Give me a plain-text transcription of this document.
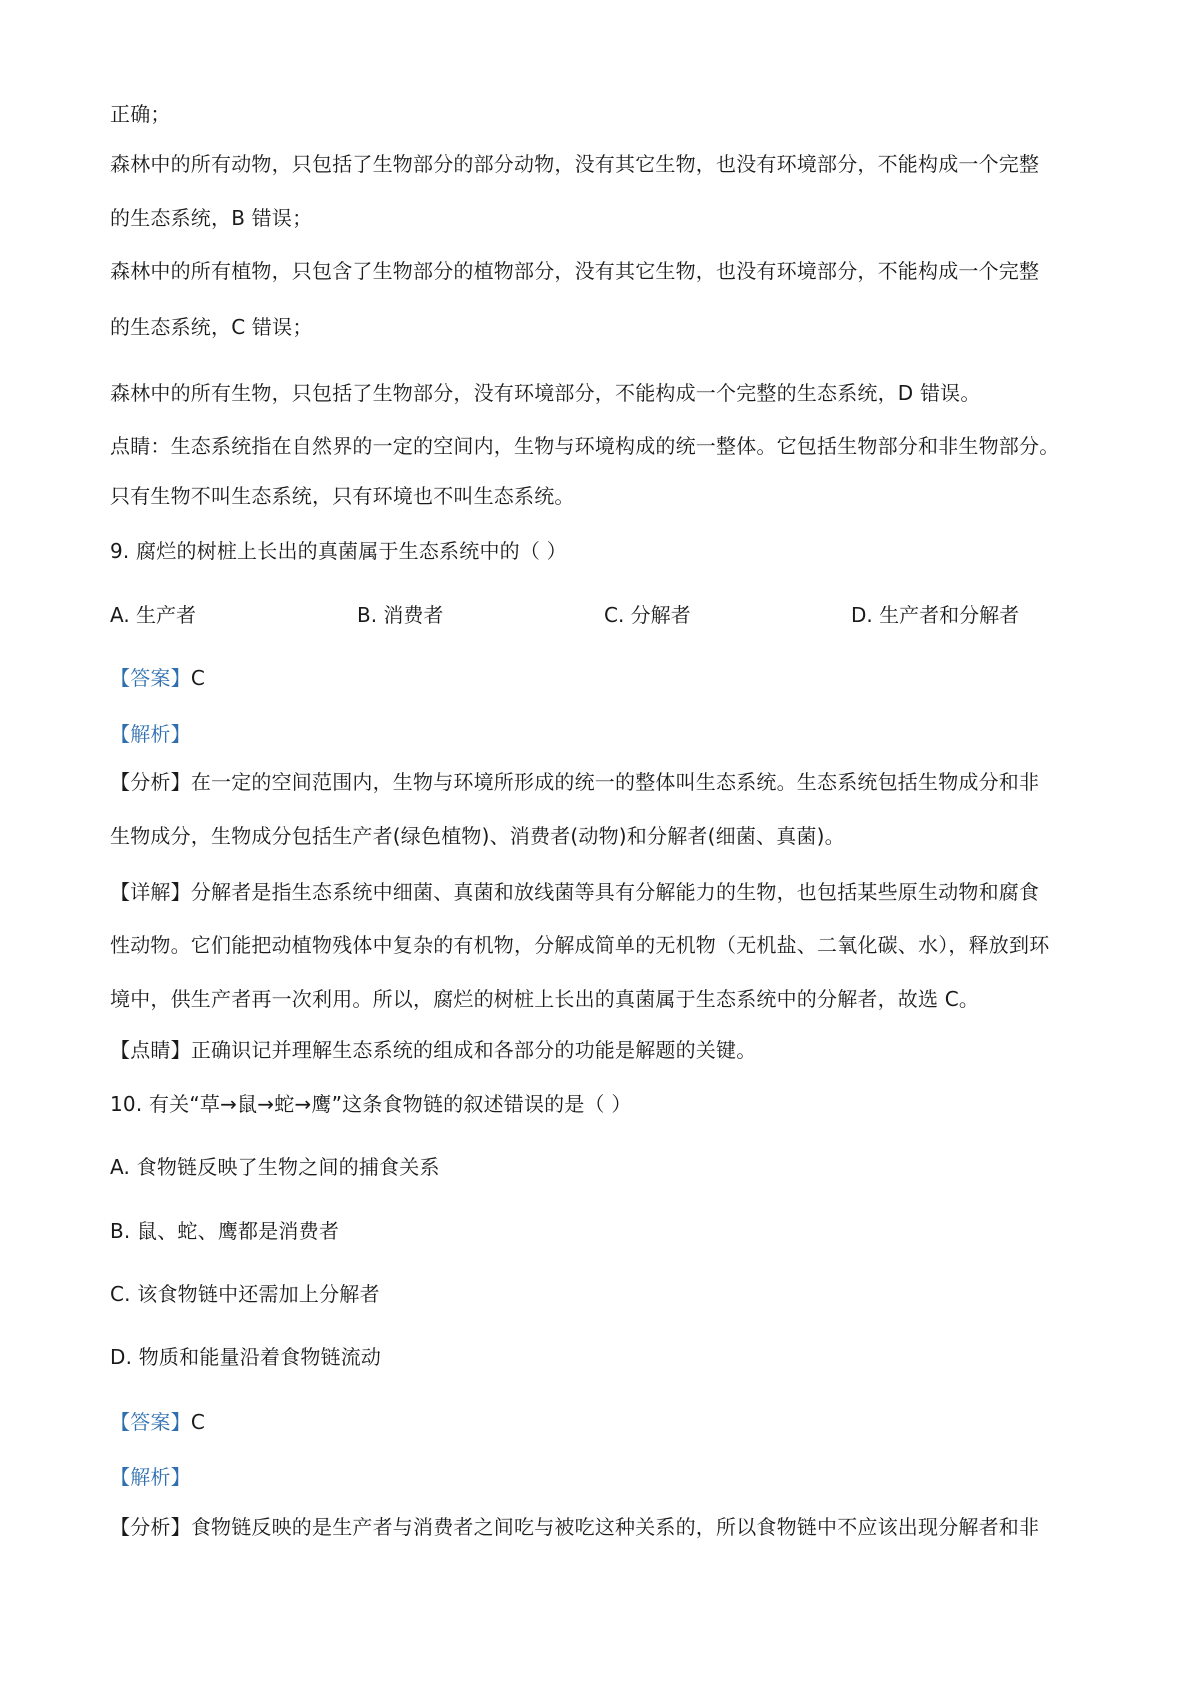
正确；
森林中的所有动物，只包括了生物部分的部分动物，没有其它生物，也没有环境部分，不能构成一个完整
的生态系统，B 错误；
森林中的所有植物，只包含了生物部分的植物部分，没有其它生物，也没有环境部分，不能构成一个完整
的生态系统，C 错误；
森林中的所有生物，只包括了生物部分，没有环境部分，不能构成一个完整的生态系统，D 错误。
点睛：生态系统指在自然界的一定的空间内，生物与环境构成的统一整体。它包括生物部分和非生物部分。
只有生物不叫生态系统，只有环境也不叫生态系统。
9. 腐烂的树桩上长出的真菌属于生态系统中的（ ）
A. 生产者	B. 消费者	C. 分解者	D. 生产者和分解者
【答案】C
【解析】
【分析】在一定的空间范围内，生物与环境所形成的统一的整体叫生态系统。生态系统包括生物成分和非
生物成分，生物成分包括生产者(绿色植物)、消费者(动物)和分解者(细菌、真菌)。
【详解】分解者是指生态系统中细菌、真菌和放线菌等具有分解能力的生物，也包括某些原生动物和腐食
性动物。它们能把动植物残体中复杂的有机物，分解成简单的无机物（无机盐、二氧化碳、水），释放到环
境中，供生产者再一次利用。所以，腐烂的树桩上长出的真菌属于生态系统中的分解者，故选 C。
【点睛】正确识记并理解生态系统的组成和各部分的功能是解题的关键。
10. 有关“草→鼠→蛇→鹰”这条食物链的叙述错误的是（ ）
A. 食物链反映了生物之间的捕食关系
B. 鼠、蛇、鹰都是消费者
C. 该食物链中还需加上分解者
D. 物质和能量沿着食物链流动
【答案】C
【解析】
【分析】食物链反映的是生产者与消费者之间吃与被吃这种关系的，所以食物链中不应该出现分解者和非
